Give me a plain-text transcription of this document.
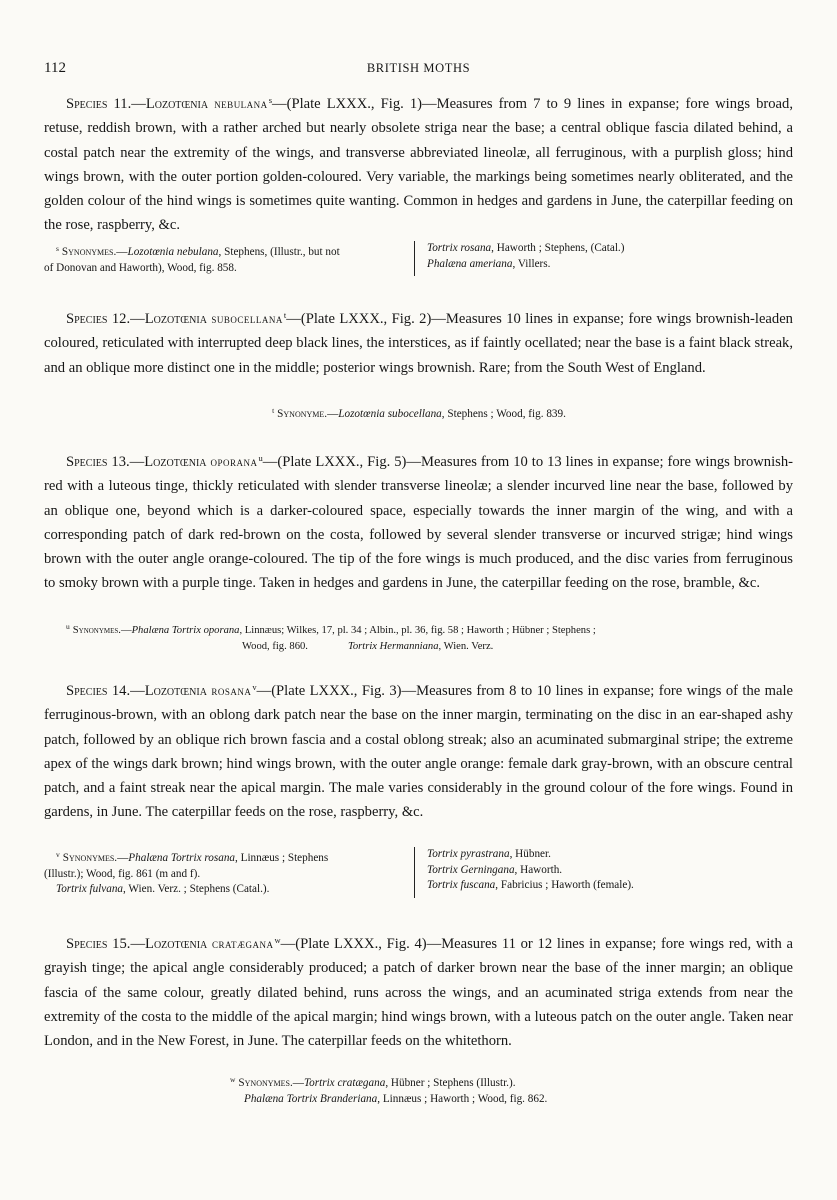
112	BRITISH MOTHS

Species 11.—Lozotœnia nebulana$^s$—(Plate LXXX., Fig. 1)—Measures from 7 to 9 lines in expanse; fore wings broad, retuse, reddish brown, with a rather arched but nearly obsolete striga near the base; a central oblique fascia dilated behind, a costal patch near the extremity of the wings, and transverse abbreviated lineolæ, all ferruginous, with a purplish gloss; hind wings brown, with the outer portion golden-coloured. Very variable, the markings being sometimes nearly obliterated, and the golden colour of the hind wings is sometimes quite wanting. Common in hedges and gardens in June, the caterpillar feeding on the rose, raspberry, &c.

$^s$ Synonymes.—Lozotœnia nebulana, Stephens, (Illustr., but not
of Donovan and Haworth), Wood, fig. 858.
Tortrix rosana, Haworth ; Stephens, (Catal.)
Phalæna ameriana, Villers.

Species 12.—Lozotœnia subocellana$^t$—(Plate LXXX., Fig. 2)—Measures 10 lines in expanse; fore wings brownish-leaden coloured, reticulated with interrupted deep black lines, the interstices, as if faintly ocellated; near the base is a faint black streak, and an oblique more distinct one in the middle; posterior wings brownish. Rare; from the South West of England.

$^t$ Synonyme.—Lozotœnia subocellana, Stephens ; Wood, fig. 839.

Species 13.—Lozotœnia oporana$^u$—(Plate LXXX., Fig. 5)—Measures from 10 to 13 lines in expanse; fore wings brownish-red with a luteous tinge, thickly reticulated with slender transverse lineolæ; a slender incurved line near the base, followed by an oblique one, beyond which is a darker-coloured space, especially towards the inner margin of the wing, and with a corresponding patch of dark red-brown on the costa, followed by several slender transverse or incurved strigæ; hind wings brown with the outer angle orange-coloured. The tip of the fore wings is much produced, and the disc varies from ferruginous to smoky brown with a purple tinge. Taken in hedges and gardens in June, the caterpillar feeding on the rose, bramble, &c.

$^u$ Synonymes.—Phalæna Tortrix oporana, Linnæus; Wilkes, 17, pl. 34 ; Albin., pl. 36, fig. 58 ; Haworth ; Hübner ; Stephens ;
Wood, fig. 860.	Tortrix Hermanniana, Wien. Verz.

Species 14.—Lozotœnia rosana$^v$—(Plate LXXX., Fig. 3)—Measures from 8 to 10 lines in expanse; fore wings of the male ferruginous-brown, with an oblong dark patch near the base on the inner margin, terminating on the disc in an ear-shaped ashy patch, followed by an oblique rich brown fascia and a costal oblong streak; also an acuminated submarginal stripe; the extreme apex of the wings dark brown; hind wings brown, with the outer angle orange: female dark gray-brown, with an obscure central patch, and a faint streak near the apical margin. The male varies considerably in the ground colour of the fore wings. Found in gardens, in June. The caterpillar feeds on the rose, raspberry, &c.

$^v$ Synonymes.—Phalæna Tortrix rosana, Linnæus ; Stephens
(Illustr.); Wood, fig. 861 (m and f).
Tortrix fulvana, Wien. Verz. ; Stephens (Catal.).
Tortrix pyrastrana, Hübner.
Tortrix Gerningana, Haworth.
Tortrix fuscana, Fabricius ; Haworth (female).

Species 15.—Lozotœnia cratægana$^w$—(Plate LXXX., Fig. 4)—Measures 11 or 12 lines in expanse; fore wings red, with a grayish tinge; the apical angle considerably produced; a patch of darker brown near the base of the inner margin; an oblique fascia of the same colour, greatly dilated behind, runs across the wings, and an acuminated striga extends from near the extremity of the costa to the middle of the apical margin; hind wings brown, with a luteous patch on the outer angle. Taken near London, and in the New Forest, in June. The caterpillar feeds on the whitethorn.

$^w$ Synonymes.—Tortrix cratægana, Hübner ; Stephens (Illustr.).
Phalæna Tortrix Branderiana, Linnæus ; Haworth ; Wood, fig. 862.
